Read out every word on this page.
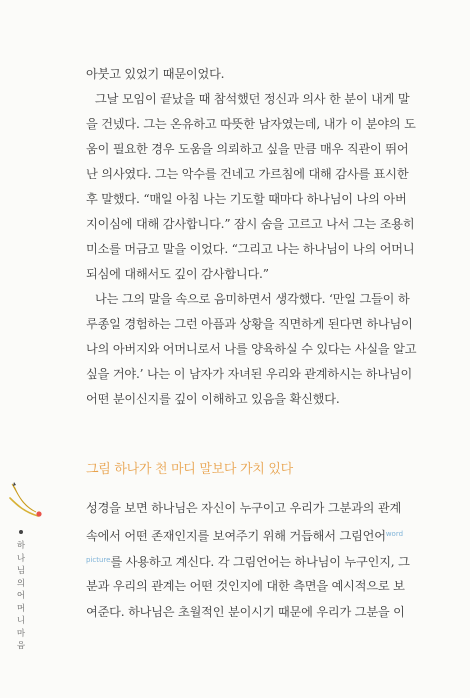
아붓고 있었기 때문이었다.
그날 모임이 끝났을 때 참석했던 정신과 의사 한 분이 내게 말
을 건넸다. 그는 온유하고 따뜻한 남자였는데, 내가 이 분야의 도
움이 필요한 경우 도움을 의뢰하고 싶을 만큼 매우 직관이 뛰어
난 의사였다. 그는 악수를 건네고 가르침에 대해 감사를 표시한
후 말했다. “매일 아침 나는 기도할 때마다 하나님이 나의 아버
지이심에 대해 감사합니다.” 잠시 숨을 고르고 나서 그는 조용히
미소를 머금고 말을 이었다. “그리고 나는 하나님이 나의 어머니
되심에 대해서도 깊이 감사합니다.”
나는 그의 말을 속으로 음미하면서 생각했다. ‘만일 그들이 하
루종일 경험하는 그런 아픔과 상황을 직면하게 된다면 하나님이
나의 아버지와 어머니로서 나를 양육하실 수 있다는 사실을 알고
싶을 거야.’ 나는 이 남자가 자녀된 우리와 관계하시는 하나님이
어떤 분이신지를 깊이 이해하고 있음을 확신했다.
그림 하나가 천 마디 말보다 가치 있다
성경을 보면 하나님은 자신이 누구이고 우리가 그분과의 관계
속에서 어떤 존재인지를 보여주기 위해 거듭해서 그림언어$^{word}$
$^{picture}$를 사용하고 계신다. 각 그림언어는 하나님이 누구인지, 그
분과 우리의 관계는 어떤 것인지에 대한 측면을 예시적으로 보
여준다. 하나님은 초월적인 분이시기 때문에 우리가 그분을 이
하나님의 어머니 마음
